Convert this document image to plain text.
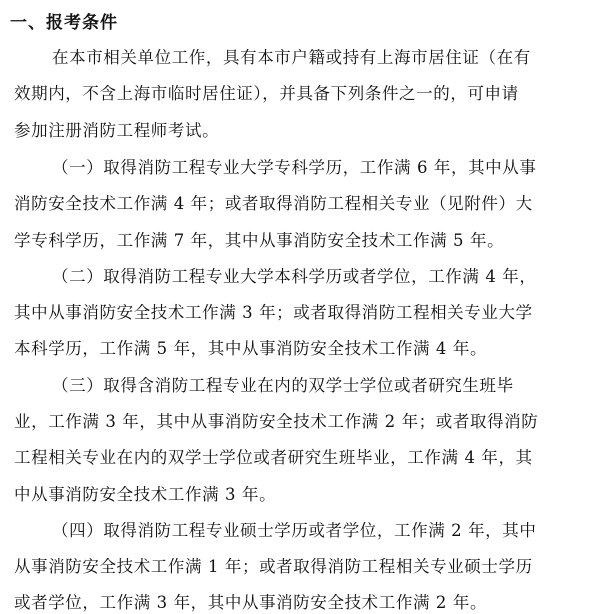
一、报考条件
在本市相关单位工作，具有本市户籍或持有上海市居住证（在有
效期内，不含上海市临时居住证），并具备下列条件之一的，可申请
参加注册消防工程师考试。
（一）取得消防工程专业大学专科学历，工作满 6 年，其中从事
消防安全技术工作满 4 年；或者取得消防工程相关专业（见附件）大
学专科学历，工作满 7 年，其中从事消防安全技术工作满 5 年。
（二）取得消防工程专业大学本科学历或者学位，工作满 4 年，
其中从事消防安全技术工作满 3 年；或者取得消防工程相关专业大学
本科学历，工作满 5 年，其中从事消防安全技术工作满 4 年。
（三）取得含消防工程专业在内的双学士学位或者研究生班毕
业，工作满 3 年，其中从事消防安全技术工作满 2 年；或者取得消防
工程相关专业在内的双学士学位或者研究生班毕业，工作满 4 年，其
中从事消防安全技术工作满 3 年。
（四）取得消防工程专业硕士学历或者学位，工作满 2 年，其中
从事消防安全技术工作满 1 年；或者取得消防工程相关专业硕士学历
或者学位，工作满 3 年，其中从事消防安全技术工作满 2 年。
